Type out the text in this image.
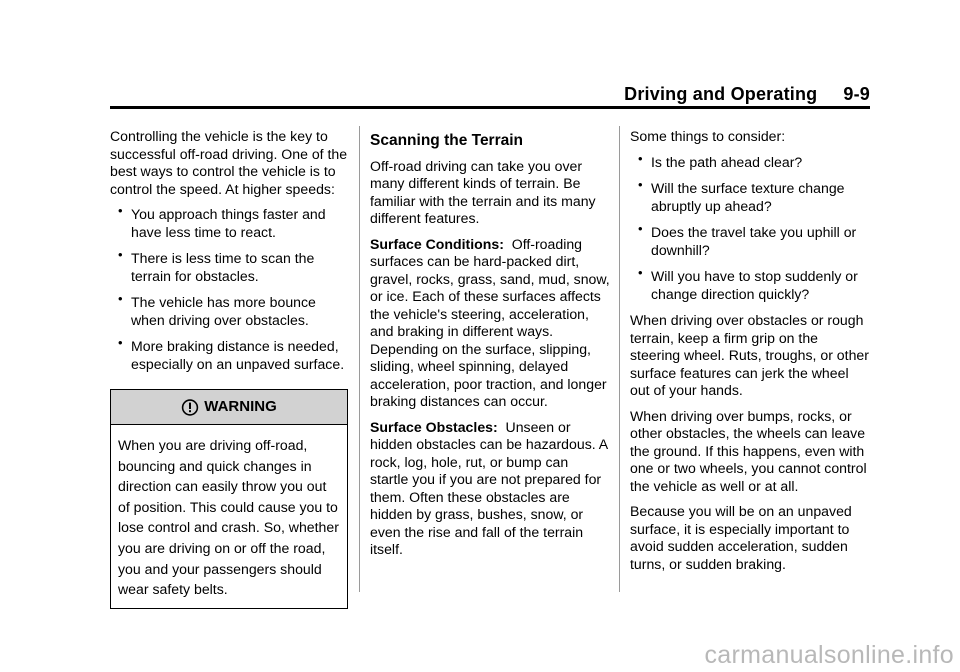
Driving and Operating 9-9

Controlling the vehicle is the key to successful off-road driving. One of the best ways to control the vehicle is to control the speed. At higher speeds:

• You approach things faster and have less time to react.
• There is less time to scan the terrain for obstacles.
• The vehicle has more bounce when driving over obstacles.
• More braking distance is needed, especially on an unpaved surface.
WARNING
When you are driving off-road, bouncing and quick changes in direction can easily throw you out of position. This could cause you to lose control and crash. So, whether you are driving on or off the road, you and your passengers should wear safety belts.
Scanning the Terrain

Off-road driving can take you over many different kinds of terrain. Be familiar with the terrain and its many different features.

Surface Conditions: Off-roading surfaces can be hard-packed dirt, gravel, rocks, grass, sand, mud, snow, or ice. Each of these surfaces affects the vehicle's steering, acceleration, and braking in different ways. Depending on the surface, slipping, sliding, wheel spinning, delayed acceleration, poor traction, and longer braking distances can occur.

Surface Obstacles: Unseen or hidden obstacles can be hazardous. A rock, log, hole, rut, or bump can startle you if you are not prepared for them. Often these obstacles are hidden by grass, bushes, snow, or even the rise and fall of the terrain itself.

Some things to consider:

• Is the path ahead clear?
• Will the surface texture change abruptly up ahead?
• Does the travel take you uphill or downhill?
• Will you have to stop suddenly or change direction quickly?

When driving over obstacles or rough terrain, keep a firm grip on the steering wheel. Ruts, troughs, or other surface features can jerk the wheel out of your hands.

When driving over bumps, rocks, or other obstacles, the wheels can leave the ground. If this happens, even with one or two wheels, you cannot control the vehicle as well or at all.

Because you will be on an unpaved surface, it is especially important to avoid sudden acceleration, sudden turns, or sudden braking.

carmanualsonline.info
